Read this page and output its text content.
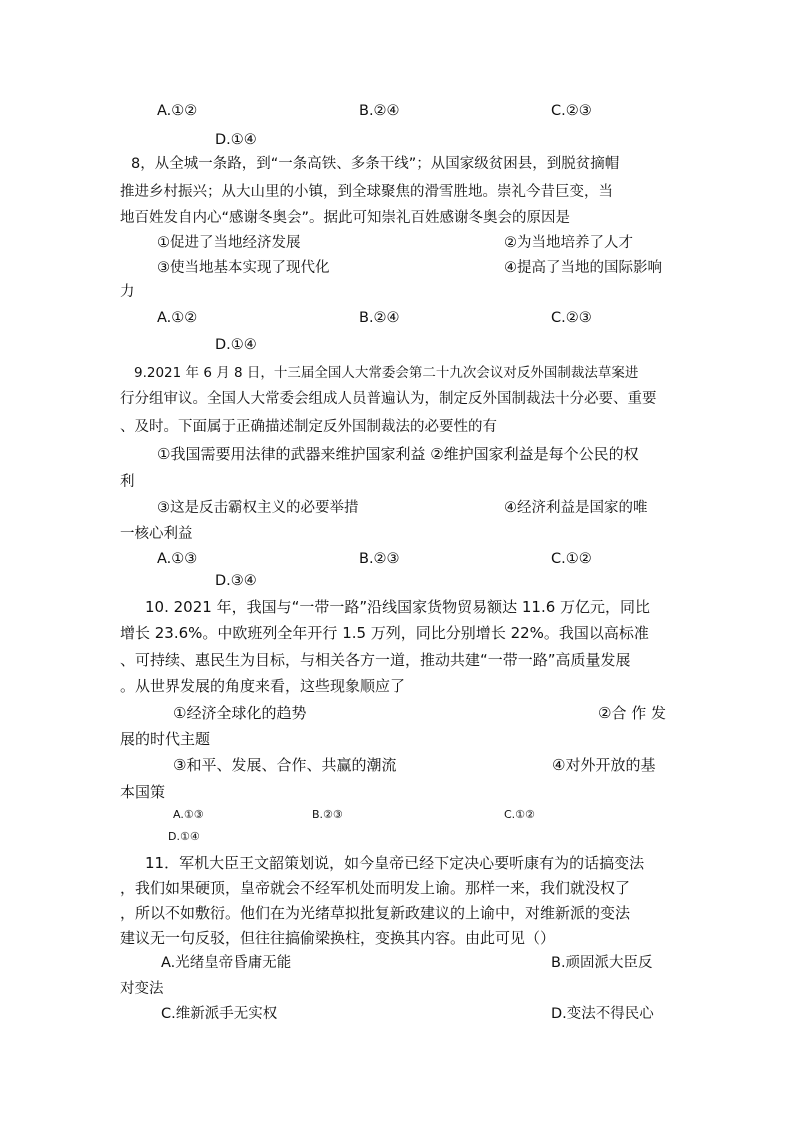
A.①②	B.②④	C.②③
D.①④
8，从全城一条路，到“一条高铁、多条干线”；从国家级贫困县，到脱贫摘帽
推进乡村振兴；从大山里的小镇，到全球聚焦的滑雪胜地。崇礼今昔巨变，当
地百姓发自内心“感谢冬奥会”。据此可知崇礼百姓感谢冬奥会的原因是
①促进了当地经济发展	②为当地培养了人才
③使当地基本实现了现代化	④提高了当地的国际影响
力
A.①②	B.②④	C.②③
D.①④
9.2021 年 6 月 8 日，十三届全国人大常委会第二十九次会议对反外国制裁法草案进
行分组审议。全国人大常委会组成人员普遍认为，制定反外国制裁法十分必要、重要
、及时。下面属于正确描述制定反外国制裁法的必要性的有
①我国需要用法律的武器来维护国家利益 ②维护国家利益是每个公民的权
利
③这是反击霸权主义的必要举措	④经济利益是国家的唯
一核心利益
A.①③	B.②③	C.①②
D.③④
10. 2021 年，我国与“一带一路”沿线国家货物贸易额达 11.6 万亿元，同比
增长 23.6%。中欧班列全年开行 1.5 万列，同比分别增长 22%。我国以高标准
、可持续、惠民生为目标，与相关各方一道，推动共建“一带一路”高质量发展
。从世界发展的角度来看，这些现象顺应了
①经济全球化的趋势	②合 作 发
展的时代主题
③和平、发展、合作、共赢的潮流	④对外开放的基
本国策
A.①③	B.②③	C.①②
D.①④
11．军机大臣王文韶策划说，如今皇帝已经下定决心要听康有为的话搞变法
，我们如果硬顶，皇帝就会不经军机处而明发上谕。那样一来，我们就没权了
，所以不如敷衍。他们在为光绪草拟批复新政建议的上谕中，对维新派的变法
建议无一句反驳，但往往搞偷梁换柱，变换其内容。由此可见（）
A.光绪皇帝昏庸无能	B.顽固派大臣反
对变法
C.维新派手无实权	D.变法不得民心
